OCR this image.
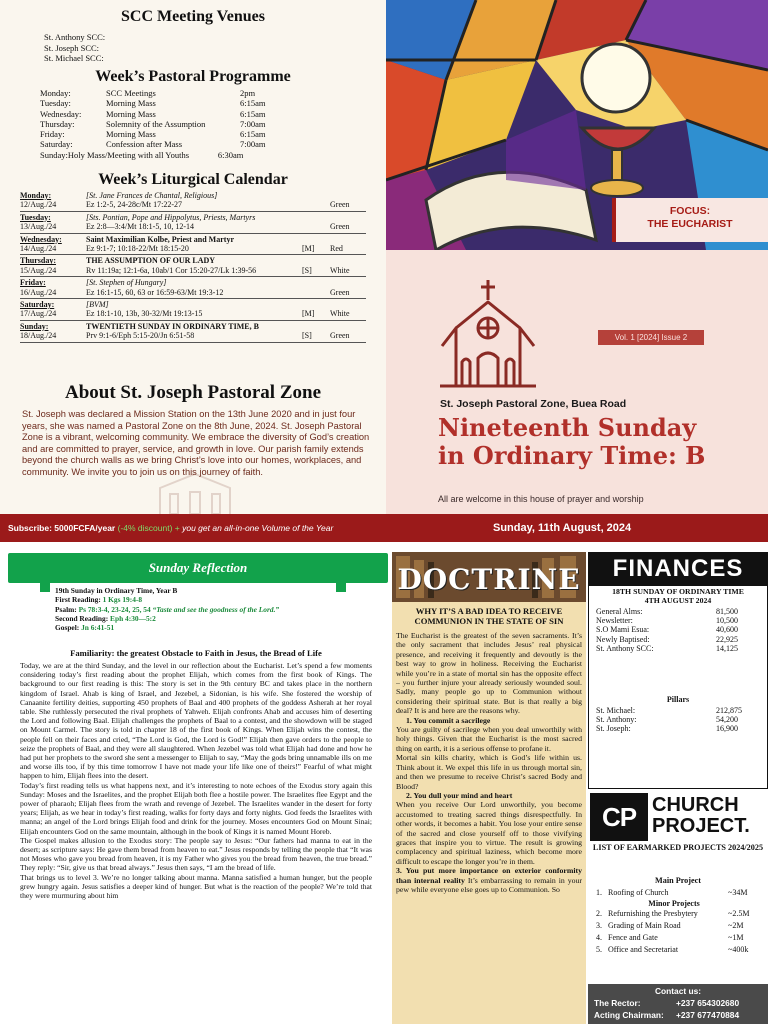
SCC Meeting Venues
St. Anthony SCC:
St. Joseph SCC:
St. Michael SCC:
Week’s Pastoral Programme
Monday:	SCC Meetings	2pm
Tuesday:	Morning Mass	6:15am
Wednesday:	Morning Mass	6:15am
Thursday:	Solemnity of the Assumption	7:00am
Friday:	Morning Mass	6:15am
Saturday:	Confession after Mass	7:00am
Sunday: Holy Mass/Meeting with all Youths	6:30am
Week’s Liturgical Calendar
Monday:
12/Aug./24
[St. Jane Frances de Chantal, Religious]
Ez 1:2-5, 24-28c/Mt 17:22-27	Green
Tuesday:
13/Aug./24
[Sts. Pontian, Pope and Hippolytus, Priests, Martyrs
Ez 2:8—3:4/Mt 18:1-5, 10, 12-14	Green
Wednesday:
14/Aug./24
Saint Maximilian Kolbe, Priest and Martyr
Ez 9:1-7; 10:18-22/Mt 18:15-20	[M]	Red
Thursday:
15/Aug./24
THE ASSUMPTION OF OUR LADY
Rv 11:19a; 12:1-6a, 10ab/1 Cor 15:20-27/Lk 1:39-56	[S]	White
Friday:
16/Aug./24
[St. Stephen of Hungary]
Ez 16:1-15, 60, 63 or 16:59-63/Mt 19:3-12	Green
Saturday:
17/Aug./24
[BVM]
Ez 18:1-10, 13b, 30-32/Mt 19:13-15	[M]	White
Sunday:
18/Aug./24
TWENTIETH SUNDAY IN ORDINARY TIME, B
Prv 9:1-6/Eph 5:15-20/Jn 6:51-58	[S]	Green
About St. Joseph Pastoral Zone
St. Joseph was declared a Mission Station on the 13th June 2020 and in just four years, she was named a Pastoral Zone on the 8th June, 2024. St. Joseph Pastoral Zone is a vibrant, welcoming community. We embrace the diversity of God’s creation and are committed to prayer, service, and growth in love. Our parish family extends beyond the church walls as we bring Christ’s love into our homes, workplaces, and community. We invite you to join us on this journey of faith.
FOCUS:
THE EUCHARIST
Vol. 1 [2024] Issue 2
St. Joseph Pastoral Zone, Buea Road
Nineteenth Sunday
in Ordinary Time: B
All are welcome in this house of prayer and worship
Subscribe: 5000FCFA/year (-4% discount) + you get an all-in-one Volume of the Year	Sunday, 11th August, 2024
Sunday Reflection
19th Sunday in Ordinary Time, Year B
First Reading: 1 Kgs 19:4-8
Psalm: Ps 78:3-4, 23-24, 25, 54 “Taste and see the goodness of the Lord.”
Second Reading: Eph 4:30—5:2
Gospel: Jn 6:41-51
Familiarity: the greatest Obstacle to Faith in Jesus, the Bread of Life

Today, we are at the third Sunday, and the level in our reflection about the Eucharist. Let’s spend a few moments considering today’s first reading about the prophet Elijah, which comes from the first book of Kings. The background to our first reading is this: The story is set in the 9th century BC and takes place in the northern kingdom of Israel. Ahab is king of Israel, and Jezebel, a Sidonian, is his wife. She fostered the worship of Canaanite fertility deities, supporting 450 prophets of Baal and 400 prophets of the goddess Asherah at her royal table. She ruthlessly persecuted the rival prophets of Yahweh. Elijah confronts Ahab and accuses him of deserting the Lord and following Baal. Elijah challenges the prophets of Baal to a contest, and the showdown will be staged on Mount Carmel. The story is told in chapter 18 of the first book of Kings. When Elijah wins the contest, the people fell on their faces and cried, “The Lord is God, the Lord is God!” Elijah then gave orders to the people to seize the prophets of Baal, and they were all slaughtered. When Jezebel was told what Elijah had done and how he had put her prophets to the sword she sent a messenger to Elijah to say, “May the gods bring unnamable ills on me and worse ills too, if by this time tomorrow I have not made your life like one of theirs!” Fearful of what might happen to him, Elijah flees into the desert.

Today’s first reading tells us what happens next, and it’s interesting to note echoes of the Exodus story again this Sunday: Moses and the Israelites, and the prophet Elijah both flee a hostile power. The Israelites flee Egypt and the power of pharaoh; Elijah flees from the wrath and revenge of Jezebel. The Israelites wander in the desert for forty years; Elijah, as we hear in today’s first reading, walks for forty days and forty nights. God feeds the Israelites with manna; an angel of the Lord brings Elijah food and drink for the journey. Moses encounters God on Mount Sinai; Elijah encounters God on the same mountain, although in the book of Kings it is named Mount Horeb.

The Gospel makes allusion to the Exodus story: The people say to Jesus: “Our fathers had manna to eat in the desert; as scripture says: He gave them bread from heaven to eat.” Jesus responds by telling the people that “It was not Moses who gave you bread from heaven, it is my Father who gives you the bread from heaven, the true bread.” They reply: “Sir, give us that bread always.” Jesus then says, “I am the bread of life.

That brings us to level 3. We’re no longer talking about manna. Manna satisfied a human hunger, but the people grew hungry again. Jesus satisfies a deeper kind of hunger. But what is the reaction of the people? We’re told that they were murmuring about him

DOCTRINE
WHY IT’S A BAD IDEA TO RECEIVE COMMUNION IN THE STATE OF SIN

The Eucharist is the greatest of the seven sacraments. It’s the only sacrament that includes Jesus’ real physical presence, and receiving it frequently and devoutly is the best way to grow in holiness. Receiving the Eucharist while you’re in a state of mortal sin has the opposite effect – you further injure your already seriously wounded soul. Sadly, many people go up to Communion without considering their spiritual state. But is that really a big deal? It is and here are the reasons why.

1. You commit a sacrilege

You are guilty of sacrilege when you deal unworthily with holy things. Given that the Eucharist is the most sacred thing on earth, it is a serious offense to profane it.

Mortal sin kills charity, which is God’s life within us. Think about it. We expel this life in us through mortal sin, and then we presume to receive Christ’s sacred Body and Blood?

2. You dull your mind and heart

When you receive Our Lord unworthily, you become accustomed to treating sacred things disrespectfully. In other words, it becomes a habit. You lose your entire sense of the sacred and close yourself off to those vivifying graces that inspire you to virtue. The result is growing complacency and spiritual laziness, which become more difficult to escape the longer you’re in them.

3. You put more importance on exterior conformity than internal reality It’s embarrassing to remain in your pew while everyone else goes up to Communion. So

FINANCES
18TH SUNDAY OF ORDINARY TIME
4TH AUGUST 2024
General Alms:	81,500
Newsletter:	10,500
S.O Mami Esua:	40,600
Newly Baptised:	22,925
St. Anthony SCC:	14,125
Pillars
St. Michael:	212,875
St. Anthony:	54,200
St. Joseph:	16,900
CP CHURCH
PROJECT.
LIST OF EARMARKED PROJECTS 2024/2025
Main Project
1. Roofing of Church	~34M
Minor Projects
2. Refurnishing the Presbytery	~2.5M
3. Grading of Main Road	~2M
4. Fence and Gate	~1M
5. Office and Secretariat	~400k
Contact us:
The Rector:	+237 654302680
Acting Chairman:	+237 677470884
